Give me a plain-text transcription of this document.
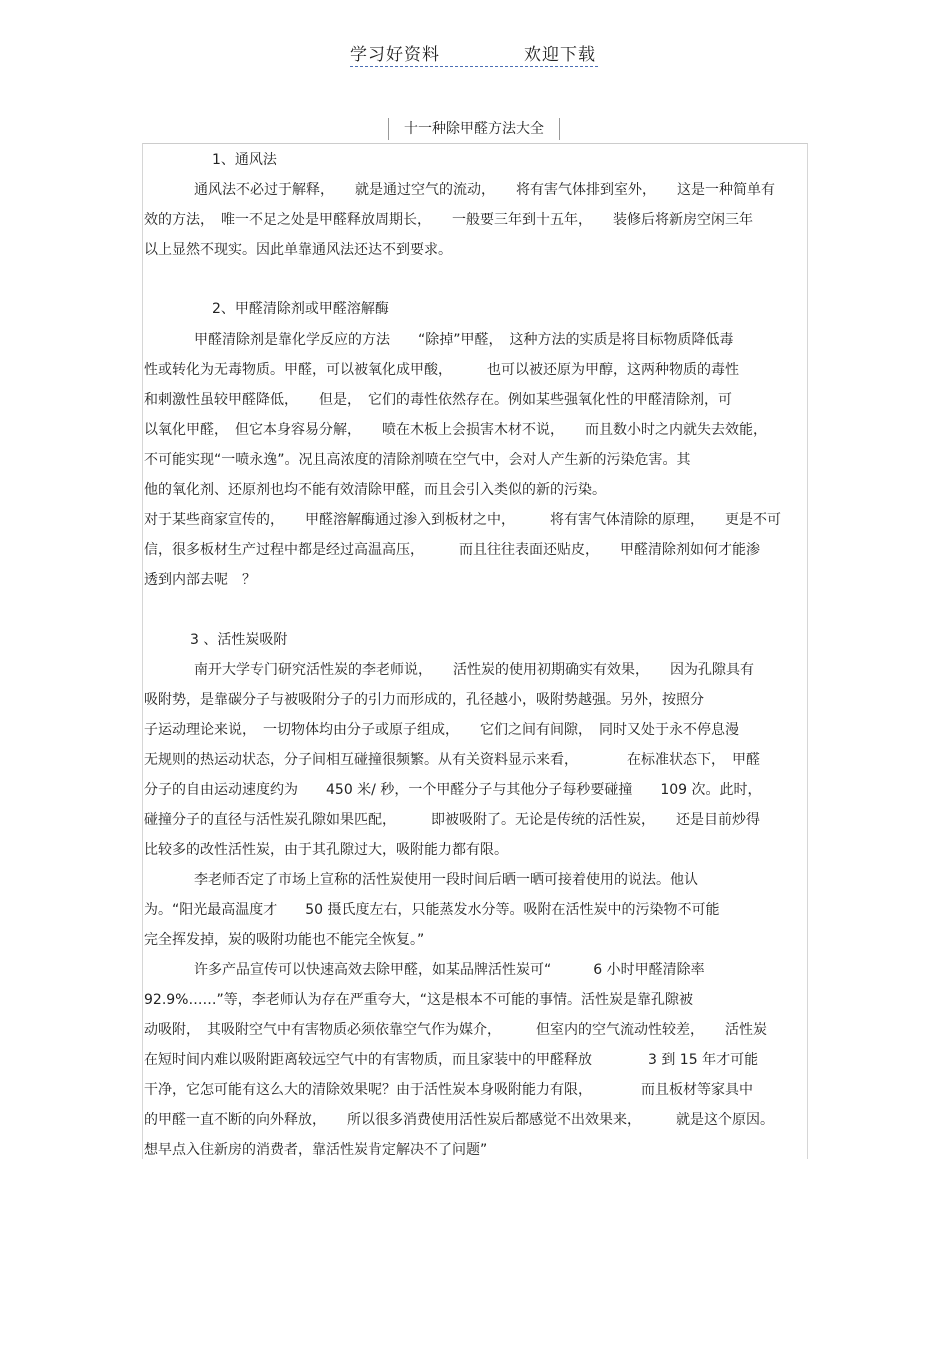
学习好资料	欢迎下载
十一种除甲醛方法大全
1、通风法
通风法不必过于解释，　　就是通过空气的流动，　　将有害气体排到室外，　　这是一种简单有
效的方法，　唯一不足之处是甲醛释放周期长，　　一般要三年到十五年，　　装修后将新房空闲三年
以上显然不现实。因此单靠通风法还达不到要求。
2、甲醛清除剂或甲醛溶解酶
甲醛清除剂是靠化学反应的方法　　“除掉”甲醛，　这种方法的实质是将目标物质降低毒
性或转化为无毒物质。甲醛，可以被氧化成甲酸，　　　也可以被还原为甲醇，这两种物质的毒性
和刺激性虽较甲醛降低，　　但是，　它们的毒性依然存在。例如某些强氧化性的甲醛清除剂，可
以氧化甲醛，　但它本身容易分解，　　喷在木板上会损害木材不说，　　而且数小时之内就失去效能，
不可能实现“一喷永逸”。况且高浓度的清除剂喷在空气中，会对人产生新的污染危害。其
他的氧化剂、还原剂也均不能有效清除甲醛，而且会引入类似的新的污染。
对于某些商家宣传的，　　甲醛溶解酶通过渗入到板材之中，　　　将有害气体清除的原理，　　更是不可
信，很多板材生产过程中都是经过高温高压，　　　而且往往表面还贴皮，　　甲醛清除剂如何才能渗
透到内部去呢　？
3 、活性炭吸附
南开大学专门研究活性炭的李老师说，　　活性炭的使用初期确实有效果，　　因为孔隙具有
吸附势，是靠碳分子与被吸附分子的引力而形成的，孔径越小，吸附势越强。另外，按照分
子运动理论来说，　一切物体均由分子或原子组成，　　它们之间有间隙，　同时又处于永不停息漫
无规则的热运动状态，分子间相互碰撞很频繁。从有关资料显示来看，　　　　在标准状态下，　甲醛
分子的自由运动速度约为　　450 米/ 秒，一个甲醛分子与其他分子每秒要碰撞　　109 次。此时，
碰撞分子的直径与活性炭孔隙如果匹配，　　　即被吸附了。无论是传统的活性炭，　　还是目前炒得
比较多的改性活性炭，由于其孔隙过大，吸附能力都有限。
李老师否定了市场上宣称的活性炭使用一段时间后晒一晒可接着使用的说法。他认
为。“阳光最高温度才　　50 摄氏度左右，只能蒸发水分等。吸附在活性炭中的污染物不可能
完全挥发掉，炭的吸附功能也不能完全恢复。”
许多产品宣传可以快速高效去除甲醛，如某品牌活性炭可“　　　6 小时甲醛清除率
92.9%……”等，李老师认为存在严重夸大，“这是根本不可能的事情。活性炭是靠孔隙被
动吸附，　其吸附空气中有害物质必须依靠空气作为媒介，　　　但室内的空气流动性较差，　　活性炭
在短时间内难以吸附距离较远空气中的有害物质，而且家装中的甲醛释放　　　　3 到 15 年才可能
干净，它怎可能有这么大的清除效果呢？由于活性炭本身吸附能力有限，　　　　而且板材等家具中
的甲醛一直不断的向外释放，　　所以很多消费使用活性炭后都感觉不出效果来，　　　就是这个原因。
想早点入住新房的消费者，靠活性炭肯定解决不了问题”
